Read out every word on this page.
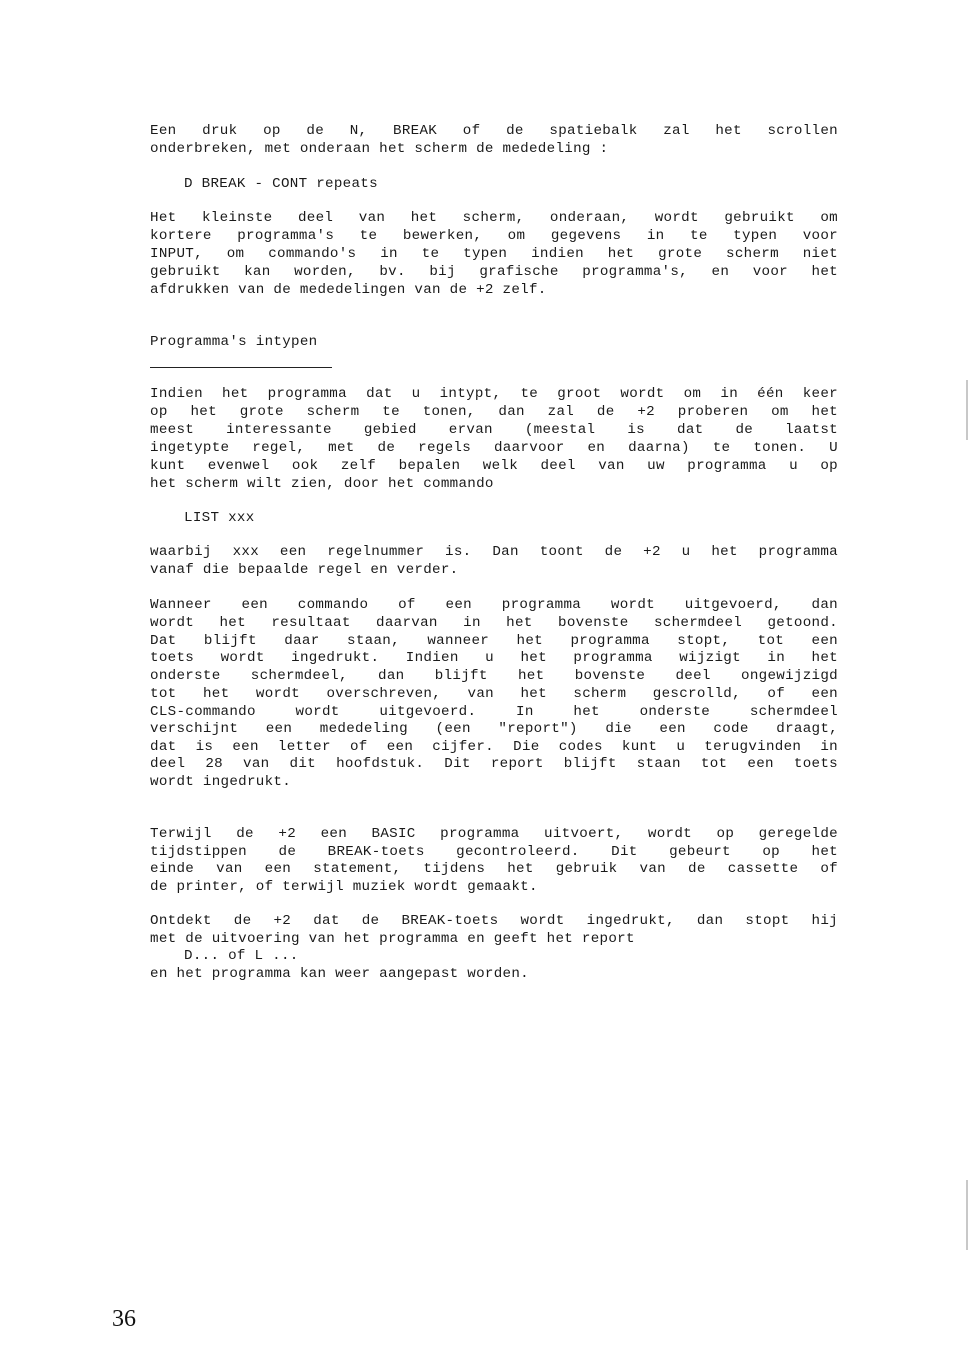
Een druk op de N, BREAK of de spatiebalk zal het scrollen
onderbreken, met onderaan het scherm de mededeling :
D BREAK - CONT repeats
Het kleinste deel van het scherm, onderaan, wordt gebruikt om
kortere programma's te bewerken, om gegevens in te typen voor
INPUT, om commando's in te typen indien het grote scherm niet
gebruikt kan worden, bv. bij grafische programma's, en voor het
afdrukken van de mededelingen van de +2 zelf.
Programma's intypen
Indien het programma dat u intypt, te groot wordt om in één keer
op het grote scherm te tonen, dan zal de +2 proberen om het
meest interessante gebied ervan (meestal is dat de laatst
ingetypte regel, met de regels daarvoor en daarna) te tonen. U
kunt evenwel ook zelf bepalen welk deel van uw programma u op
het scherm wilt zien, door het commando
LIST xxx
waarbij xxx een regelnummer is. Dan toont de +2 u het programma
vanaf die bepaalde regel en verder.
Wanneer een commando of een programma wordt uitgevoerd, dan
wordt het resultaat daarvan in het bovenste schermdeel getoond.
Dat blijft daar staan, wanneer het programma stopt, tot een
toets wordt ingedrukt. Indien u het programma wijzigt in het
onderste schermdeel, dan blijft het bovenste deel ongewijzigd
tot het wordt overschreven, van het scherm gescrolld, of een
CLS-commando wordt uitgevoerd. In het onderste schermdeel
verschijnt een mededeling (een "report") die een code draagt,
dat is een letter of een cijfer. Die codes kunt u terugvinden in
deel 28 van dit hoofdstuk. Dit report blijft staan tot een toets
wordt ingedrukt.
Terwijl de +2 een BASIC programma uitvoert, wordt op geregelde
tijdstippen de BREAK-toets gecontroleerd. Dit gebeurt op het
einde van een statement, tijdens het gebruik van de cassette of
de printer, of terwijl muziek wordt gemaakt.
Ontdekt de +2 dat de BREAK-toets wordt ingedrukt, dan stopt hij
met de uitvoering van het programma en geeft het report
D... of L ...
en het programma kan weer aangepast worden.
36
